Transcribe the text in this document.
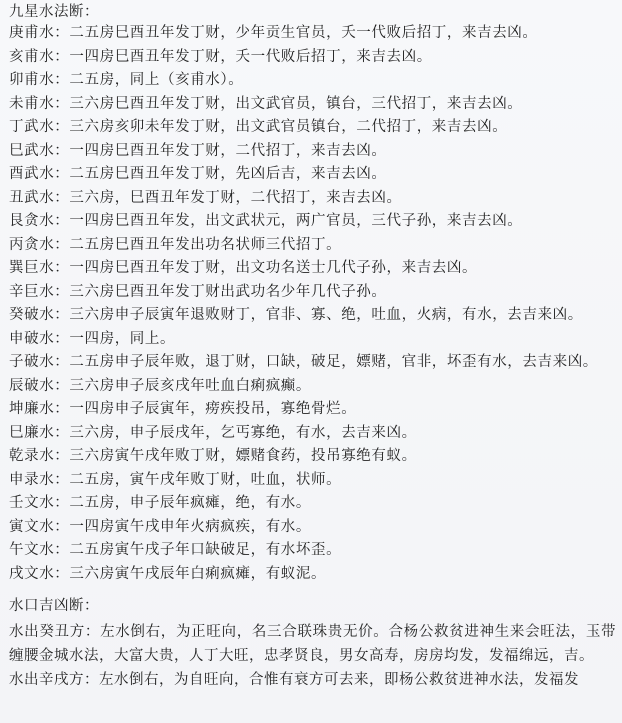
九星水法断：
庚甫水：二五房巳酉丑年发丁财，少年贡生官员，夭一代败后招丁，来吉去凶。
亥甫水：一四房巳酉丑年发丁财，夭一代败后招丁，来吉去凶。
卯甫水：二五房，同上（亥甫水）。
未甫水：三六房巳酉丑年发丁财，出文武官员，镇台，三代招丁，来吉去凶。
丁武水：三六房亥卯未年发丁财，出文武官员镇台，二代招丁，来吉去凶。
巳武水：一四房巳酉丑年发丁财，二代招丁，来吉去凶。
酉武水：二五房巳酉丑年发丁财，先凶后吉，来吉去凶。
丑武水：三六房，巳酉丑年发丁财，二代招丁，来吉去凶。
艮贪水：一四房巳酉丑年发，出文武状元，两广官员，三代子孙，来吉去凶。
丙贪水：二五房巳酉丑年发出功名状师三代招丁。
巽巨水：一四房巳酉丑年发丁财，出文功名送士几代子孙，来吉去凶。
辛巨水：三六房巳酉丑年发丁财出武功名少年几代子孙。
癸破水：三六房申子辰寅年退败财丁，官非、寡、绝，吐血，火病，有水，去吉来凶。
申破水：一四房，同上。
子破水：二五房申子辰年败，退丁财，口缺，破足，嫖赌，官非，坏歪有水，去吉来凶。
辰破水：三六房申子辰亥戌年吐血白痢疯癫。
坤廉水：一四房申子辰寅年，痨疾投吊，寡绝骨烂。
巳廉水：三六房，申子辰戌年，乞丐寡绝，有水，去吉来凶。
乾录水：三六房寅午戌年败丁财，嫖赌食药，投吊寡绝有蚁。
申录水：二五房，寅午戌年败丁财，吐血，状师。
壬文水：二五房，申子辰年疯瘫，绝，有水。
寅文水：一四房寅午戌申年火病疯疾，有水。
午文水：二五房寅午戌子年口缺破足，有水坏歪。
戌文水：三六房寅午戌辰年白痢疯瘫，有蚁泥。
水口吉凶断：
水出癸丑方：左水倒右，为正旺向，名三合联珠贵无价。合杨公救贫进神生来会旺法，玉带缠腰金城水法，大富大贵，人丁大旺，忠孝贤良，男女高寿，房房均发，发福绵远，吉。
水出辛戌方：左水倒右，为自旺向，合惟有衰方可去来，即杨公救贫进神水法，发福发
